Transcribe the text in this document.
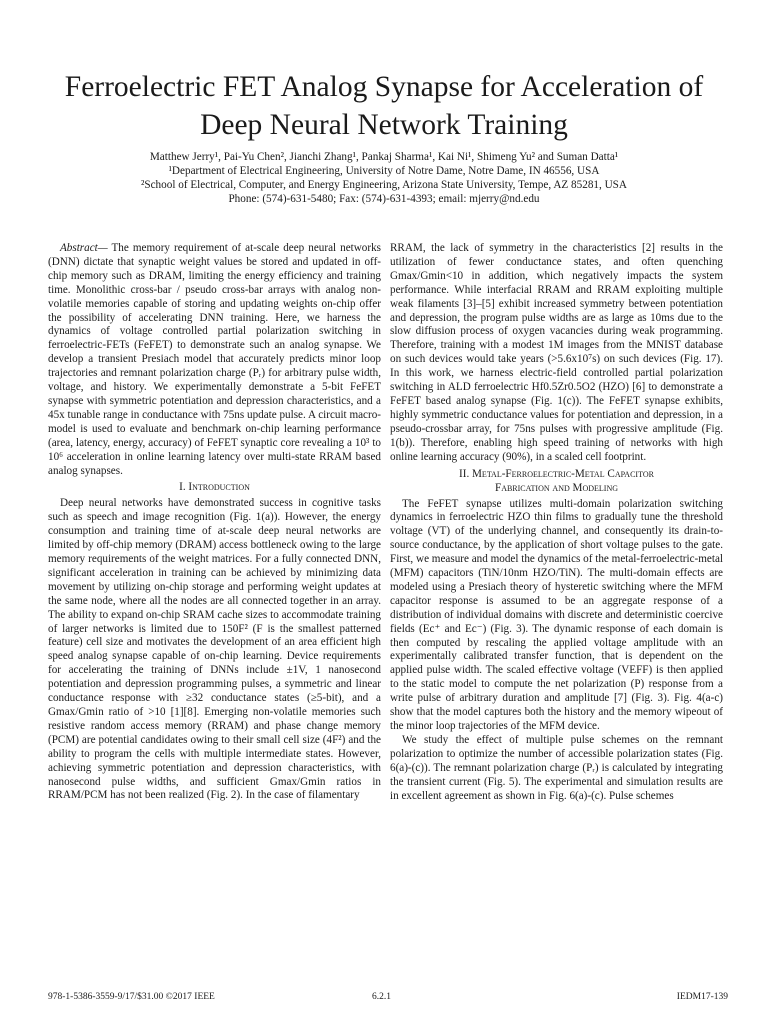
Ferroelectric FET Analog Synapse for Acceleration of
Deep Neural Network Training
Matthew Jerry¹, Pai-Yu Chen², Jianchi Zhang¹, Pankaj Sharma¹, Kai Ni¹, Shimeng Yu² and Suman Datta¹
¹Department of Electrical Engineering, University of Notre Dame, Notre Dame, IN 46556, USA
²School of Electrical, Computer, and Energy Engineering, Arizona State University, Tempe, AZ 85281, USA
Phone: (574)-631-5480; Fax: (574)-631-4393; email: mjerry@nd.edu

Abstract— The memory requirement of at-scale deep neural networks (DNN) dictate that synaptic weight values be stored and updated in off-chip memory such as DRAM, limiting the energy efficiency and training time. Monolithic cross-bar / pseudo cross-bar arrays with analog non-volatile memories capable of storing and updating weights on-chip offer the possibility of accelerating DNN training. Here, we harness the dynamics of voltage controlled partial polarization switching in ferroelectric-FETs (FeFET) to demonstrate such an analog synapse. We develop a transient Presiach model that accurately predicts minor loop trajectories and remnant polarization charge (Pᵣ) for arbitrary pulse width, voltage, and history. We experimentally demonstrate a 5-bit FeFET synapse with symmetric potentiation and depression characteristics, and a 45x tunable range in conductance with 75ns update pulse. A circuit macro-model is used to evaluate and benchmark on-chip learning performance (area, latency, energy, accuracy) of FeFET synaptic core revealing a 10³ to 10⁶ acceleration in online learning latency over multi-state RRAM based analog synapses.

I. Introduction

Deep neural networks have demonstrated success in cognitive tasks such as speech and image recognition (Fig. 1(a)). However, the energy consumption and training time of at-scale deep neural networks are limited by off-chip memory (DRAM) access bottleneck owing to the large memory requirements of the weight matrices. For a fully connected DNN, significant acceleration in training can be achieved by minimizing data movement by utilizing on-chip storage and performing weight updates at the same node, where all the nodes are all connected together in an array. The ability to expand on-chip SRAM cache sizes to accommodate training of larger networks is limited due to 150F² (F is the smallest patterned feature) cell size and motivates the development of an area efficient high speed analog synapse capable of on-chip learning. Device requirements for accelerating the training of DNNs include ±1V, 1 nanosecond potentiation and depression programming pulses, a symmetric and linear conductance response with ≥32 conductance states (≥5-bit), and a Gmax/Gmin ratio of >10 [1][8]. Emerging non-volatile memories such resistive random access memory (RRAM) and phase change memory (PCM) are potential candidates owing to their small cell size (4F²) and the ability to program the cells with multiple intermediate states. However, achieving symmetric potentiation and depression characteristics, with nanosecond pulse widths, and sufficient Gmax/Gmin ratios in RRAM/PCM has not been realized (Fig. 2). In the case of filamentary

RRAM, the lack of symmetry in the characteristics [2] results in the utilization of fewer conductance states, and often quenching Gmax/Gmin<10 in addition, which negatively impacts the system performance. While interfacial RRAM and RRAM exploiting multiple weak filaments [3]–[5] exhibit increased symmetry between potentiation and depression, the program pulse widths are as large as 10ms due to the slow diffusion process of oxygen vacancies during weak programming. Therefore, training with a modest 1M images from the MNIST database on such devices would take years (>5.6x10⁷s) on such devices (Fig. 17). In this work, we harness electric-field controlled partial polarization switching in ALD ferroelectric Hf0.5Zr0.5O2 (HZO) [6] to demonstrate a FeFET based analog synapse (Fig. 1(c)). The FeFET synapse exhibits, highly symmetric conductance values for potentiation and depression, in a pseudo-crossbar array, for 75ns pulses with progressive amplitude (Fig. 1(b)). Therefore, enabling high speed training of networks with high online learning accuracy (90%), in a scaled cell footprint.

II. Metal-Ferroelectric-Metal Capacitor
Fabrication and Modeling

The FeFET synapse utilizes multi-domain polarization switching dynamics in ferroelectric HZO thin films to gradually tune the threshold voltage (VT) of the underlying channel, and consequently its drain-to-source conductance, by the application of short voltage pulses to the gate. First, we measure and model the dynamics of the metal-ferroelectric-metal (MFM) capacitors (TiN/10nm HZO/TiN). The multi-domain effects are modeled using a Presiach theory of hysteretic switching where the MFM capacitor response is assumed to be an aggregate response of a distribution of individual domains with discrete and deterministic coercive fields (Ec⁺ and Ec⁻) (Fig. 3). The dynamic response of each domain is then computed by rescaling the applied voltage amplitude with an experimentally calibrated transfer function, that is dependent on the applied pulse width. The scaled effective voltage (VEFF) is then applied to the static model to compute the net polarization (P) response from a write pulse of arbitrary duration and amplitude [7] (Fig. 3). Fig. 4(a-c) show that the model captures both the history and the memory wipeout of the minor loop trajectories of the MFM device.

We study the effect of multiple pulse schemes on the remnant polarization to optimize the number of accessible polarization states (Fig. 6(a)-(c)). The remnant polarization charge (Pᵣ) is calculated by integrating the transient current (Fig. 5). The experimental and simulation results are in excellent agreement as shown in Fig. 6(a)-(c). Pulse schemes

978-1-5386-3559-9/17/$31.00 ©2017 IEEE	6.2.1	IEDM17-139
